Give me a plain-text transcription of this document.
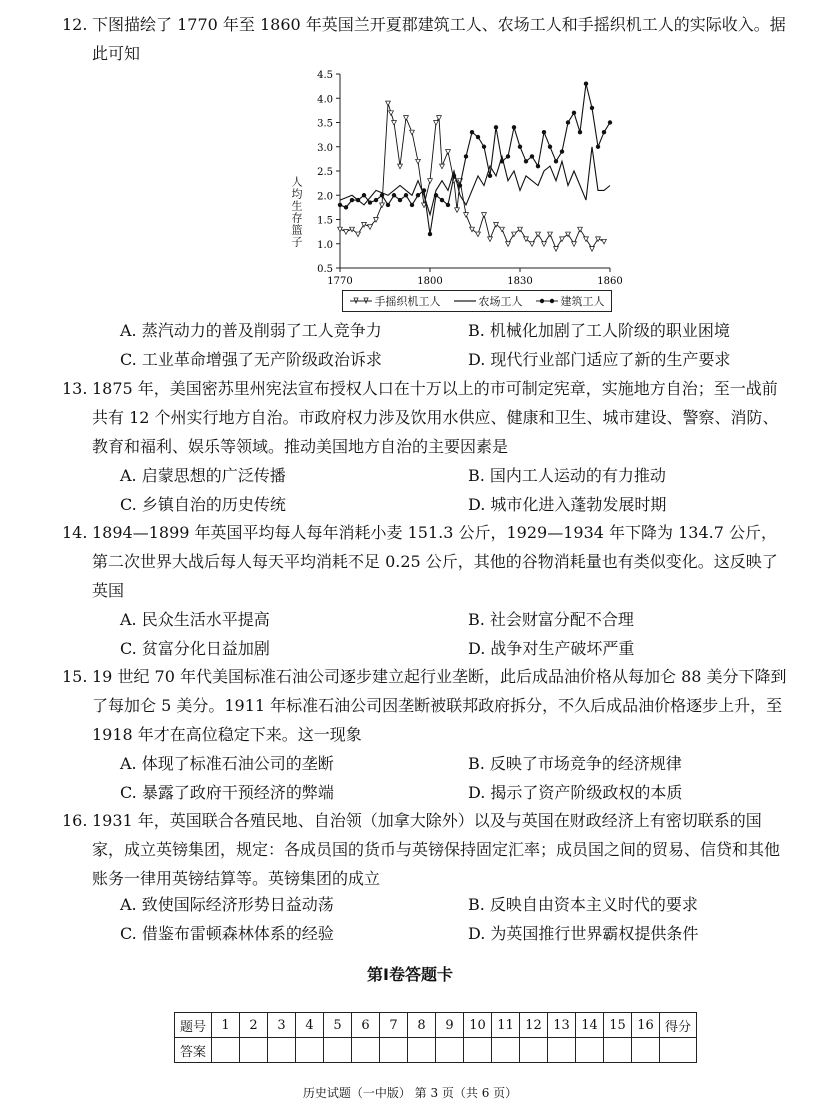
12. 下图描绘了 1770 年至 1860 年英国兰开夏郡建筑工人、农场工人和手摇织机工人的实际收入。据此可知
人均生存篮子
0.5
1.0
1.5
2.0
2.5
3.0
3.5
4.0
4.5
1770	1800	1830	1860
手摇织机工人	农场工人	建筑工人
A. 蒸汽动力的普及削弱了工人竞争力	B. 机械化加剧了工人阶级的职业困境
C. 工业革命增强了无产阶级政治诉求	D. 现代行业部门适应了新的生产要求
13. 1875 年，美国密苏里州宪法宣布授权人口在十万以上的市可制定宪章，实施地方自治；至一战前共有 12 个州实行地方自治。市政府权力涉及饮用水供应、健康和卫生、城市建设、警察、消防、教育和福利、娱乐等领域。推动美国地方自治的主要因素是
A. 启蒙思想的广泛传播	B. 国内工人运动的有力推动
C. 乡镇自治的历史传统	D. 城市化进入蓬勃发展时期
14. 1894—1899 年英国平均每人每年消耗小麦 151.3 公斤，1929—1934 年下降为 134.7 公斤，第二次世界大战后每人每天平均消耗不足 0.25 公斤，其他的谷物消耗量也有类似变化。这反映了英国
A. 民众生活水平提高	B. 社会财富分配不合理
C. 贫富分化日益加剧	D. 战争对生产破坏严重
15. 19 世纪 70 年代美国标准石油公司逐步建立起行业垄断，此后成品油价格从每加仑 88 美分下降到了每加仑 5 美分。1911 年标准石油公司因垄断被联邦政府拆分，不久后成品油价格逐步上升，至 1918 年才在高位稳定下来。这一现象
A. 体现了标准石油公司的垄断	B. 反映了市场竞争的经济规律
C. 暴露了政府干预经济的弊端	D. 揭示了资产阶级政权的本质
16. 1931 年，英国联合各殖民地、自治领（加拿大除外）以及与英国在财政经济上有密切联系的国家，成立英镑集团，规定：各成员国的货币与英镑保持固定汇率；成员国之间的贸易、信贷和其他账务一律用英镑结算等。英镑集团的成立
A. 致使国际经济形势日益动荡	B. 反映自由资本主义时代的要求
C. 借鉴布雷顿森林体系的经验	D. 为英国推行世界霸权提供条件
第Ⅰ卷答题卡
题号	1	2	3	4	5	6	7	8	9	10	11	12	13	14	15	16	得分
答案																	
历史试题（一中版） 第 3 页（共 6 页）
